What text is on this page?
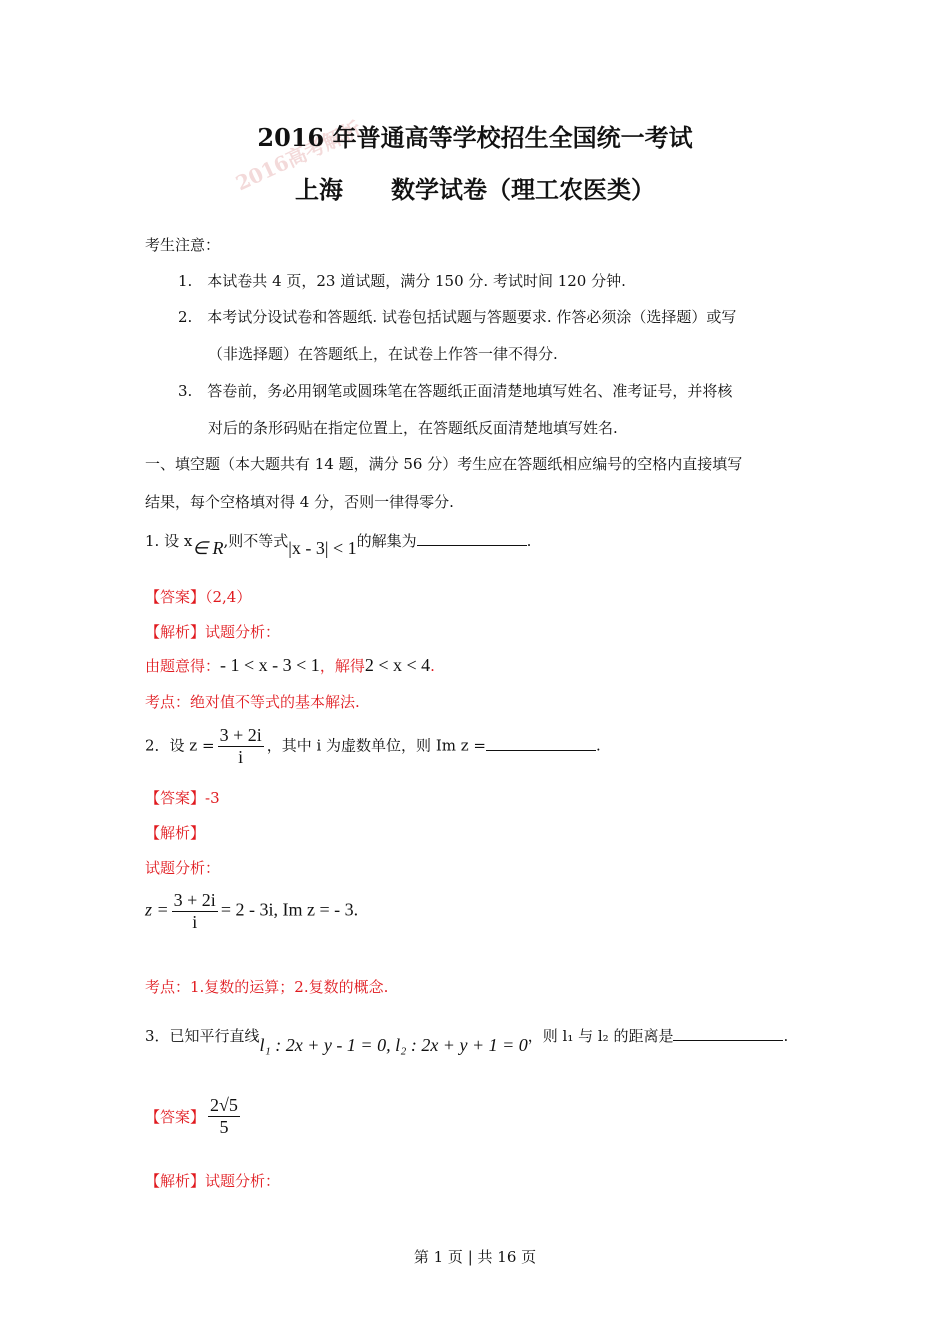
2016高考解析
2016 年普通高等学校招生全国统一考试
上海　　数学试卷（理工农医类）
考生注意：
1.　本试卷共 4 页，23 道试题，满分 150 分. 考试时间 120 分钟.
2.　本考试分设试卷和答题纸. 试卷包括试题与答题要求. 作答必须涂（选择题）或写
（非选择题）在答题纸上，在试卷上作答一律不得分.
3.　答卷前，务必用钢笔或圆珠笔在答题纸正面清楚地填写姓名、准考证号，并将核
对后的条形码贴在指定位置上，在答题纸反面清楚地填写姓名.
一、填空题（本大题共有 14 题，满分 56 分）考生应在答题纸相应编号的空格内直接填写
结果，每个空格填对得 4 分，否则一律得零分.
1. 设 x∈ R,则不等式|x - 3| < 1的解集为	.
【答案】（2,4）
【解析】试题分析：
由题意得：- 1 < x - 3 < 1，解得2 < x < 4.
考点：绝对值不等式的基本解法.
2．设 $z = \frac{3 + 2i}{i}$ ，其中 i 为虚数单位，则 Im z =	.
【答案】-3
【解析】
试题分析：
$z = \frac{3 + 2i}{i} = 2 - 3i$, Im z = - 3.
考点：1.复数的运算；2.复数的概念.
3．已知平行直线l₁ : 2x + y - 1 = 0, l₂ : 2x + y + 1 = 0，则 l₁ 与 l₂ 的距离是	.
【答案】 $\frac{2√5}{5}$
【解析】试题分析：
第 1 页 | 共 16 页
